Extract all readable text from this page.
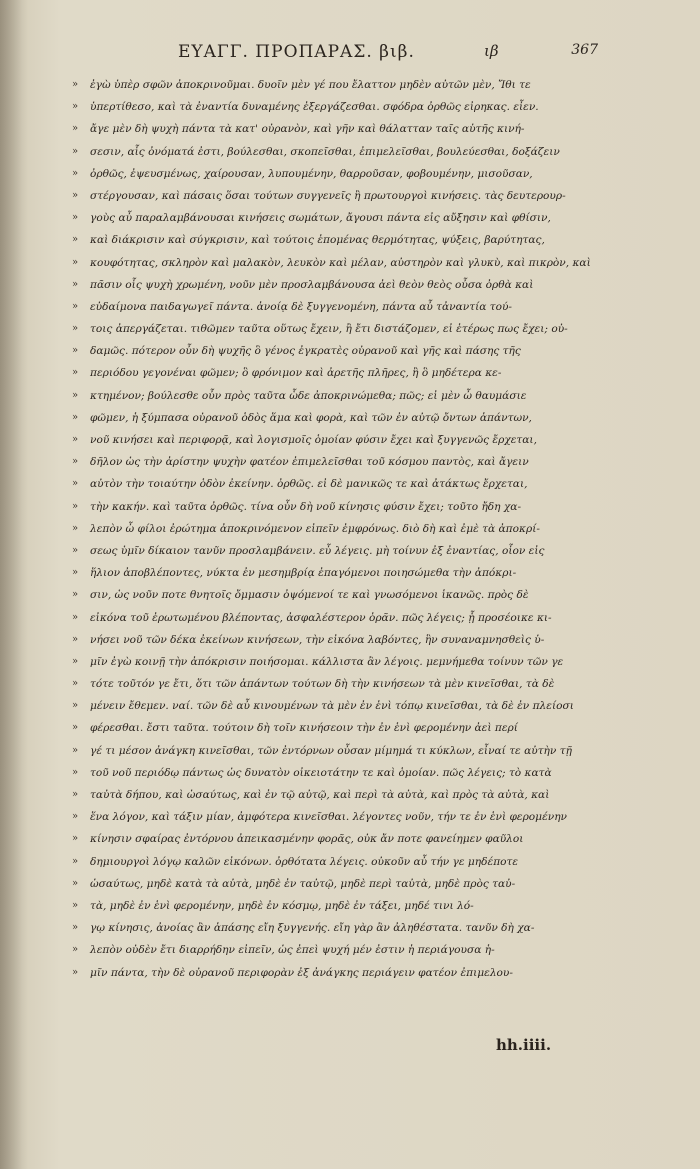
ΕΥΑΓΓ. ΠΡΟΠΑΡΑΣ. βιβ.	ιβ	367
»	ἐγὼ ὑπὲρ σφῶν ἀποκρινοῦμαι. δυοῖν μὲν γέ που ἔλαττον μηδὲν αὐτῶν μὲν, Ἴθι τε
»	ὑπερτίθεσο, καὶ τὰ ἐναντία δυναμένης ἐξεργάζεσθαι. σφόδρα ὀρθῶς εἰρηκας. εἶεν.
»	ἄγε μὲν δὴ ψυχὴ πάντα τὰ κατ' οὐρανὸν, καὶ γῆν καὶ θάλατταν ταῖς αὑτῆς κινή-
»	σεσιν, αἷς ὀνόματά ἐστι, βούλεσθαι, σκοπεῖσθαι, ἐπιμελεῖσθαι, βουλεύεσθαι, δοξάζειν
»	ὀρθῶς, ἐψευσμένως, χαίρουσαν, λυπουμένην, θαρροῦσαν, φοβουμένην, μισοῦσαν,
»	στέργουσαν, καὶ πάσαις ὅσαι τούτων συγγενεῖς ἢ πρωτουργοὶ κινήσεις. τὰς δευτερουρ-
»	γοὺς αὖ παραλαμβάνουσαι κινήσεις σωμάτων, ἄγουσι πάντα εἰς αὔξησιν καὶ φθίσιν,
»	καὶ διάκρισιν καὶ σύγκρισιν, καὶ τούτοις ἑπομένας θερμότητας, ψύξεις, βαρύτητας,
»	κουφότητας, σκληρὸν καὶ μαλακὸν, λευκὸν καὶ μέλαν, αὐστηρὸν καὶ γλυκὺ, καὶ πικρὸν, καὶ
»	πᾶσιν οἷς ψυχὴ χρωμένη, νοῦν μὲν προσλαμβάνουσα ἀεὶ θεὸν θεὸς οὖσα ὀρθὰ καὶ
»	εὐδαίμονα παιδαγωγεῖ πάντα. ἀνοίᾳ δὲ ξυγγενομένη, πάντα αὖ τἀναντία τού-
»	τοις ἀπεργάζεται. τιθῶμεν ταῦτα οὕτως ἔχειν, ἢ ἔτι διστάζομεν, εἰ ἑτέρως πως ἔχει; οὐ-
»	δαμῶς. πότερον οὖν δὴ ψυχῆς ὃ γένος ἐγκρατὲς οὐρανοῦ καὶ γῆς καὶ πάσης τῆς
»	περιόδου γεγονέναι φῶμεν; ὃ φρόνιμον καὶ ἀρετῆς πλῆρες, ἢ ὃ μηδέτερα κε-
»	κτημένον; βούλεσθε οὖν πρὸς ταῦτα ὧδε ἀποκρινώμεθα; πῶς; εἰ μὲν ὦ θαυμάσιε
»	φῶμεν, ἡ ξύμπασα οὐρανοῦ ὁδὸς ἅμα καὶ φορὰ, καὶ τῶν ἐν αὐτῷ ὄντων ἁπάντων,
»	νοῦ κινήσει καὶ περιφορᾷ, καὶ λογισμοῖς ὁμοίαν φύσιν ἔχει καὶ ξυγγενῶς ἔρχεται,
»	δῆλον ὡς τὴν ἀρίστην ψυχὴν φατέον ἐπιμελεῖσθαι τοῦ κόσμου παντὸς, καὶ ἄγειν
»	αὐτὸν τὴν τοιαύτην ὁδὸν ἐκείνην. ὀρθῶς. εἰ δὲ μανικῶς τε καὶ ἀτάκτως ἔρχεται,
»	τὴν κακήν. καὶ ταῦτα ὀρθῶς. τίνα οὖν δὴ νοῦ κίνησις φύσιν ἔχει; τοῦτο ἤδη χα-
»	λεπὸν ὦ φίλοι ἐρώτημα ἀποκρινόμενον εἰπεῖν ἐμφρόνως. διὸ δὴ καὶ ἐμὲ τὰ ἀποκρί-
»	σεως ὑμῖν δίκαιον τανῦν προσλαμβάνειν. εὖ λέγεις. μὴ τοίνυν ἐξ ἐναντίας, οἷον εἰς
»	ἥλιον ἀποβλέποντες, νύκτα ἐν μεσημβρίᾳ ἐπαγόμενοι ποιησώμεθα τὴν ἀπόκρι-
»	σιν, ὡς νοῦν ποτε θνητοῖς ὄμμασιν ὀψόμενοί τε καὶ γνωσόμενοι ἱκανῶς. πρὸς δὲ
»	εἰκόνα τοῦ ἐρωτωμένου βλέποντας, ἀσφαλέστερον ὁρᾶν. πῶς λέγεις; ᾗ προσέοικε κι-
»	νήσει νοῦ τῶν δέκα ἐκείνων κινήσεων, τὴν εἰκόνα λαβόντες, ἣν συναναμνησθεὶς ὑ-
»	μῖν ἐγὼ κοινῇ τὴν ἀπόκρισιν ποιήσομαι. κάλλιστα ἂν λέγοις. μεμνήμεθα τοίνυν τῶν γε
»	τότε τοῦτόν γε ἔτι, ὅτι τῶν ἁπάντων τούτων δὴ τὴν κινήσεων τὰ μὲν κινεῖσθαι, τὰ δὲ
»	μένειν ἔθεμεν. ναί. τῶν δὲ αὖ κινουμένων τὰ μὲν ἐν ἑνὶ τόπῳ κινεῖσθαι, τὰ δὲ ἐν πλείοσι
»	φέρεσθαι. ἔστι ταῦτα. τούτοιν δὴ τοῖν κινήσεοιν τὴν ἐν ἑνὶ φερομένην ἀεὶ περί
»	γέ τι μέσον ἀνάγκη κινεῖσθαι, τῶν ἐντόρνων οὖσαν μίμημά τι κύκλων, εἶναί τε αὐτὴν τῇ
»	τοῦ νοῦ περιόδῳ πάντως ὡς δυνατὸν οἰκειοτάτην τε καὶ ὁμοίαν. πῶς λέγεις; τὸ κατὰ
»	ταὐτὰ δήπου, καὶ ὡσαύτως, καὶ ἐν τῷ αὐτῷ, καὶ περὶ τὰ αὐτὰ, καὶ πρὸς τὰ αὐτὰ, καὶ
»	ἕνα λόγον, καὶ τάξιν μίαν, ἀμφότερα κινεῖσθαι. λέγοντες νοῦν, τήν τε ἐν ἑνὶ φερομένην
»	κίνησιν σφαίρας ἐντόρνου ἀπεικασμένην φορᾶς, οὐκ ἄν ποτε φανείημεν φαῦλοι
»	δημιουργοὶ λόγῳ καλῶν εἰκόνων. ὀρθότατα λέγεις. οὐκοῦν αὖ τήν γε μηδέποτε
»	ὡσαύτως, μηδὲ κατὰ τὰ αὐτὰ, μηδὲ ἐν ταὐτῷ, μηδὲ περὶ ταὐτὰ, μηδὲ πρὸς ταὐ-
»	τὰ, μηδὲ ἐν ἑνὶ φερομένην, μηδὲ ἐν κόσμῳ, μηδὲ ἐν τάξει, μηδέ τινι λό-
»	γῳ κίνησις, ἀνοίας ἂν ἁπάσης εἴη ξυγγενής. εἴη γὰρ ἂν ἀληθέστατα. τανῦν δὴ χα-
»	λεπὸν οὐδὲν ἔτι διαρρήδην εἰπεῖν, ὡς ἐπεὶ ψυχή μέν ἐστιν ἡ περιάγουσα ἡ-
»	μῖν πάντα, τὴν δὲ οὐρανοῦ περιφορὰν ἐξ ἀνάγκης περιάγειν φατέον ἐπιμελου-
hh.iiii.
